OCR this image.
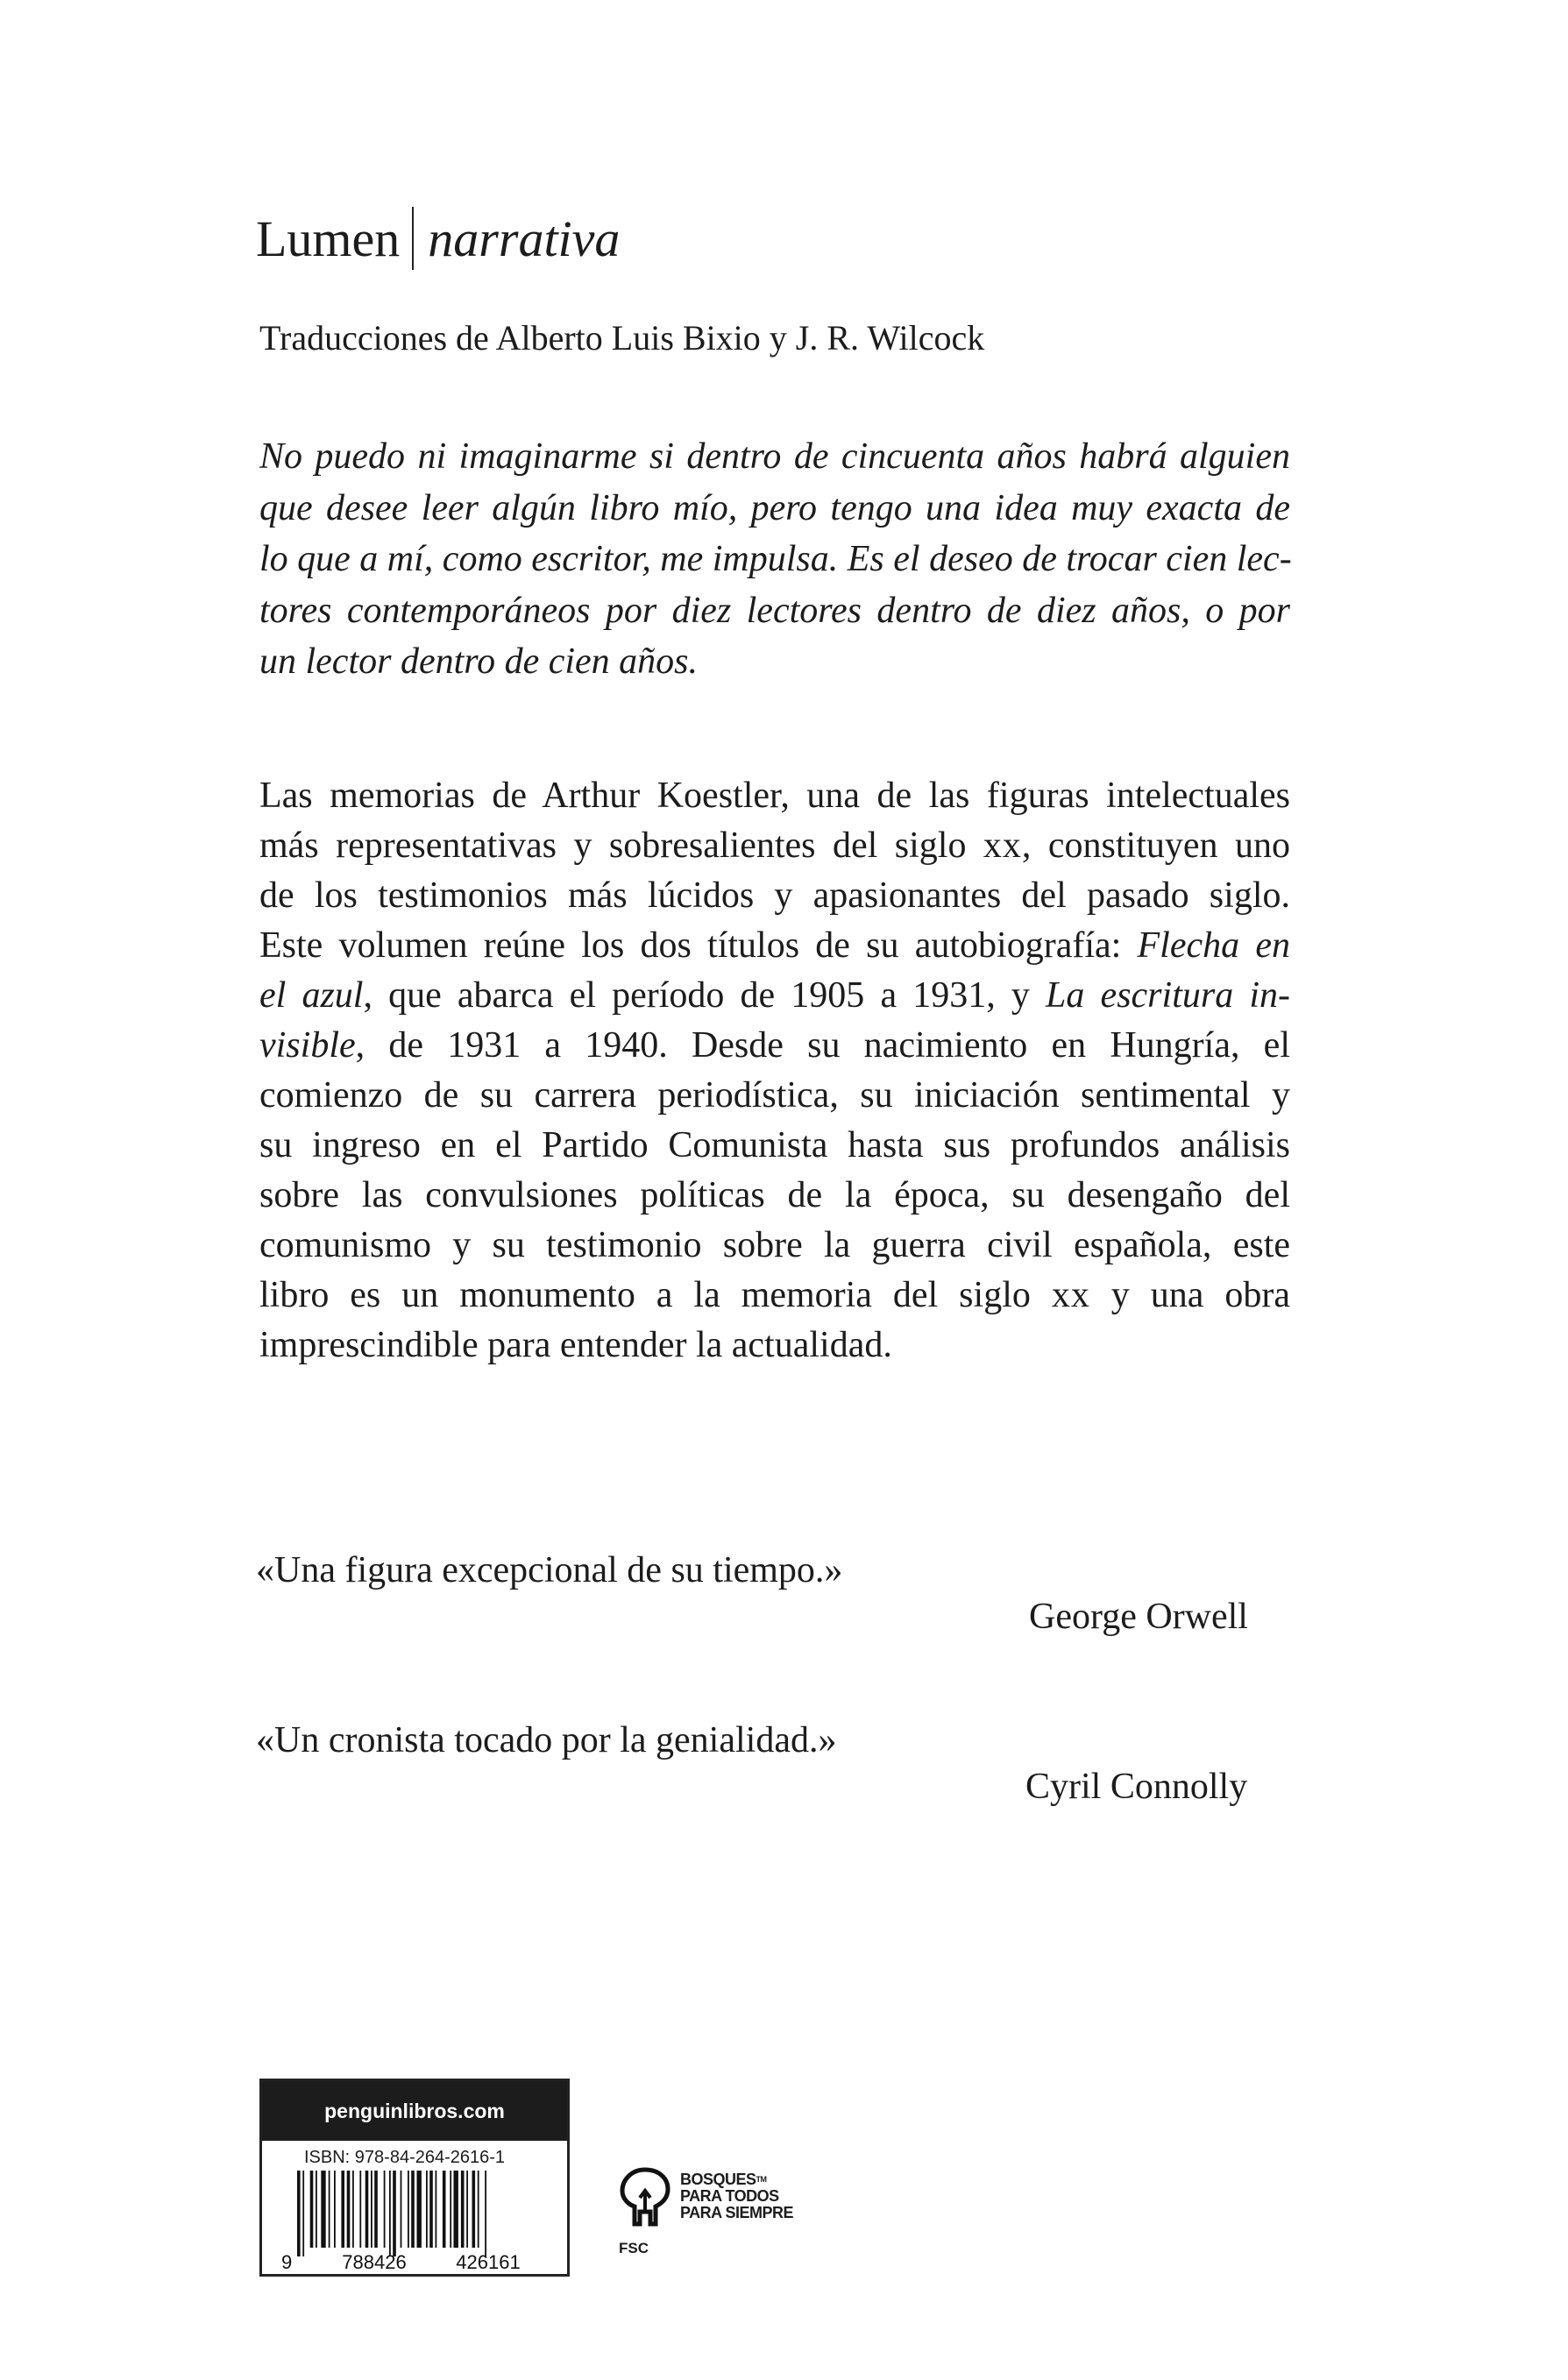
Lumen narrativa
Traducciones de Alberto Luis Bixio y J. R. Wilcock
No puedo ni imaginarme si dentro de cincuenta años habrá alguien
que desee leer algún libro mío, pero tengo una idea muy exacta de
lo que a mí, como escritor, me impulsa. Es el deseo de trocar cien lec-
tores contemporáneos por diez lectores dentro de diez años, o por
un lector dentro de cien años.
Las memorias de Arthur Koestler, una de las figuras intelectuales
más representativas y sobresalientes del siglo xx, constituyen uno
de los testimonios más lúcidos y apasionantes del pasado siglo.
Este volumen reúne los dos títulos de su autobiografía: Flecha en
el azul, que abarca el período de 1905 a 1931, y La escritura in-
visible, de 1931 a 1940. Desde su nacimiento en Hungría, el
comienzo de su carrera periodística, su iniciación sentimental y
su ingreso en el Partido Comunista hasta sus profundos análisis
sobre las convulsiones políticas de la época, su desengaño del
comunismo y su testimonio sobre la guerra civil española, este
libro es un monumento a la memoria del siglo xx y una obra
imprescindible para entender la actualidad.
«Una figura excepcional de su tiempo.»
George Orwell
«Un cronista tocado por la genialidad.»
Cyril Connolly
penguinlibros.com
ISBN: 978-84-264-2616-1
9	788426	426161
FSC
BOSQUES™
PARA TODOS
PARA SIEMPRE
